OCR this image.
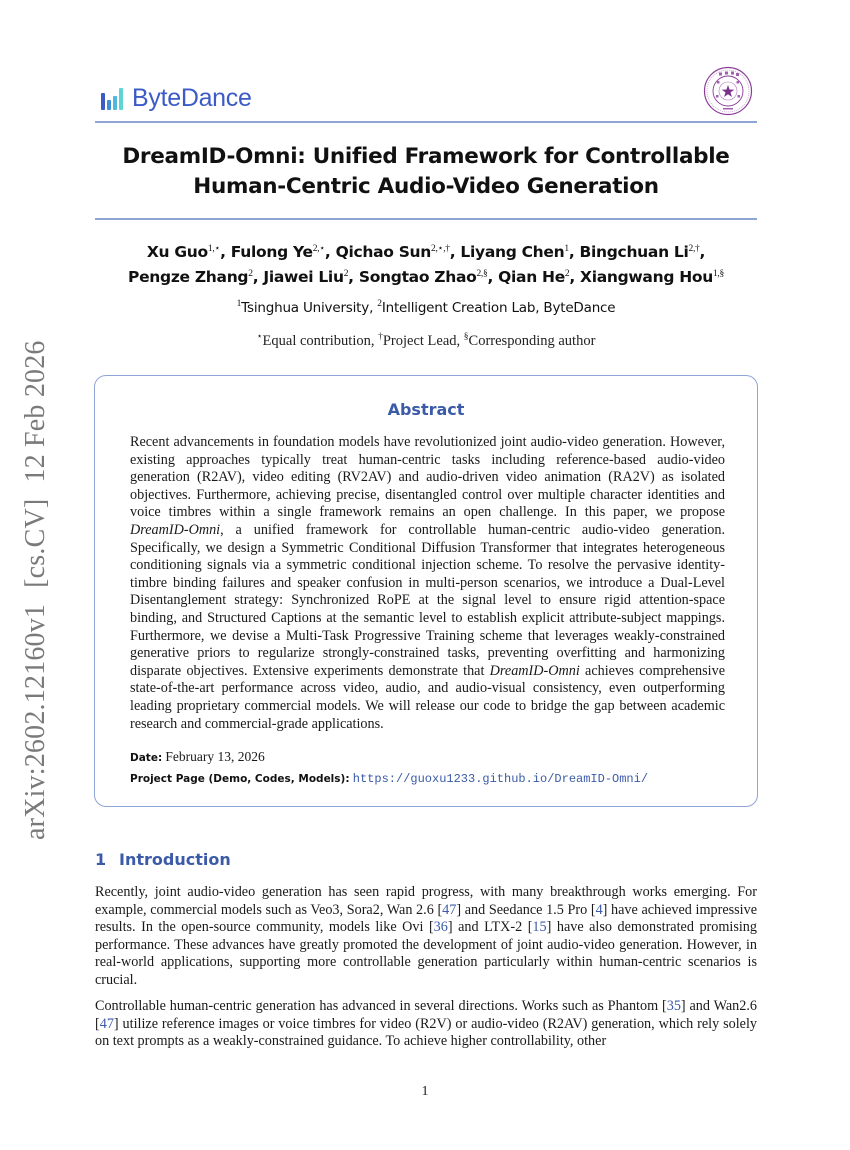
arXiv:2602.12160v1[cs.CV]12 Feb 2026
ByteDance
DreamID-Omni: Unified Framework for Controllable
Human-Centric Audio-Video Generation
Xu Guo$^{1,⋆}$, Fulong $Ye^{2,⋆}$, Qichao Sun$^{2,⋆,\dagger}$, Liyang Chen$^1$, Bingchuan $Li^{2,\dagger}$,
Pengze Zhang$^2$, Jiawei Liu$^2$, Songtao Zhao$^{2,\S}$, Qian He$^2$, Xiangwang Hou$^{1,\S}$
$^1$Tsinghua University, $^2$Intelligent Creation Lab, ByteDance
⋆Equal contribution, †Project Lead, §Corresponding author
Abstract
Recent advancements in foundation models have revolutionized joint audio-video generation. However, existing approaches typically treat human-centric tasks including reference-based audio-video generation (R2AV), video editing (RV2AV) and audio-driven video animation (RA2V) as isolated objectives. Furthermore, achieving precise, disentangled control over multiple character identities and voice timbres within a single framework remains an open challenge. In this paper, we propose DreamID-Omni, a unified framework for controllable human-centric audio-video generation. Specifically, we design a Symmetric Conditional Diffusion Transformer that integrates heterogeneous conditioning signals via a symmetric conditional injection scheme. To resolve the pervasive identity-timbre binding failures and speaker confusion in multi-person scenarios, we introduce a Dual-Level Disentanglement strategy: Synchronized RoPE at the signal level to ensure rigid attention-space binding, and Structured Captions at the semantic level to establish explicit attribute-subject mappings. Furthermore, we devise a Multi-Task Progressive Training scheme that leverages weakly-constrained generative priors to regularize strongly-constrained tasks, preventing overfitting and harmonizing disparate objectives. Extensive experiments demonstrate that DreamID-Omni achieves comprehensive state-of-the-art performance across video, audio, and audio-visual consistency, even outperforming leading proprietary commercial models. We will release our code to bridge the gap between academic research and commercial-grade applications.
Date: February 13, 2026
Project Page (Demo, Codes, Models): https://guoxu1233.github.io/DreamID-Omni/
1 Introduction
Recently, joint audio-video generation has seen rapid progress, with many breakthrough works emerging. For example, commercial models such as Veo3, Sora2, Wan 2.6 [47] and Seedance 1.5 Pro [4] have achieved impressive results. In the open-source community, models like Ovi [36] and LTX-2 [15] have also demonstrated promising performance. These advances have greatly promoted the development of joint audio-video generation. However, in real-world applications, supporting more controllable generation particularly within human-centric scenarios is crucial.
Controllable human-centric generation has advanced in several directions. Works such as Phantom [35] and Wan2.6 [47] utilize reference images or voice timbres for video (R2V) or audio-video (R2AV) generation, which rely solely on text prompts as a weakly-constrained guidance. To achieve higher controllability, other
1
